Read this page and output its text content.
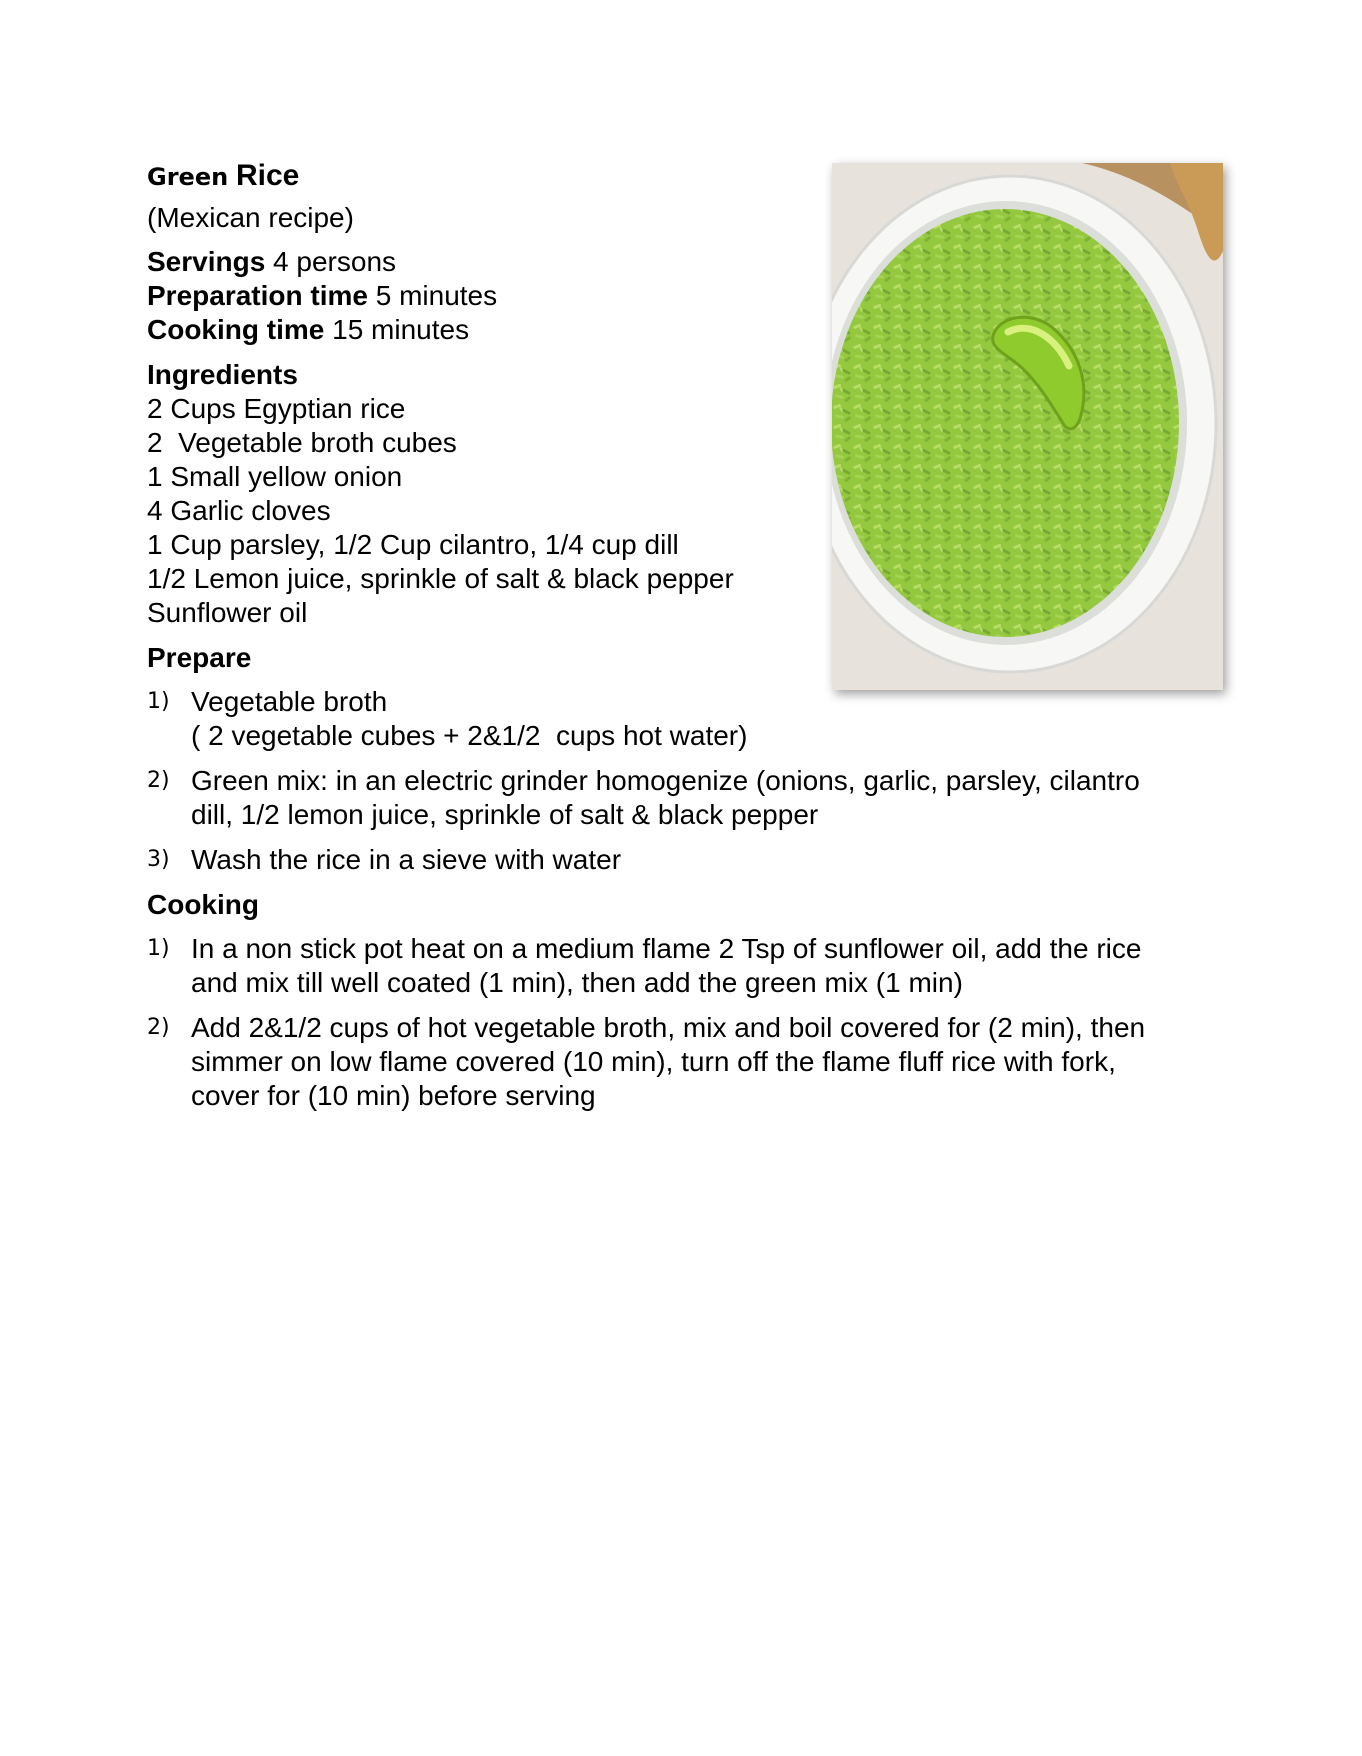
Green Rice
(Mexican recipe)
Servings 4 persons
Preparation time 5 minutes
Cooking time 15 minutes
Ingredients
2 Cups Egyptian rice
2  Vegetable broth cubes
1 Small yellow onion
4 Garlic cloves
1 Cup parsley, 1/2 Cup cilantro, 1/4 cup dill
1/2 Lemon juice, sprinkle of salt & black pepper
Sunflower oil
Prepare
1) Vegetable broth
( 2 vegetable cubes + 2&1/2  cups hot water)
2) Green mix: in an electric grinder homogenize (onions, garlic, parsley, cilantro
dill, 1/2 lemon juice, sprinkle of salt & black pepper
3) Wash the rice in a sieve with water
Cooking
1) In a non stick pot heat on a medium flame 2 Tsp of sunflower oil, add the rice
and mix till well coated (1 min), then add the green mix (1 min)
2) Add 2&1/2 cups of hot vegetable broth, mix and boil covered for (2 min), then
simmer on low flame covered (10 min), turn off the flame fluff rice with fork,
cover for (10 min) before serving
